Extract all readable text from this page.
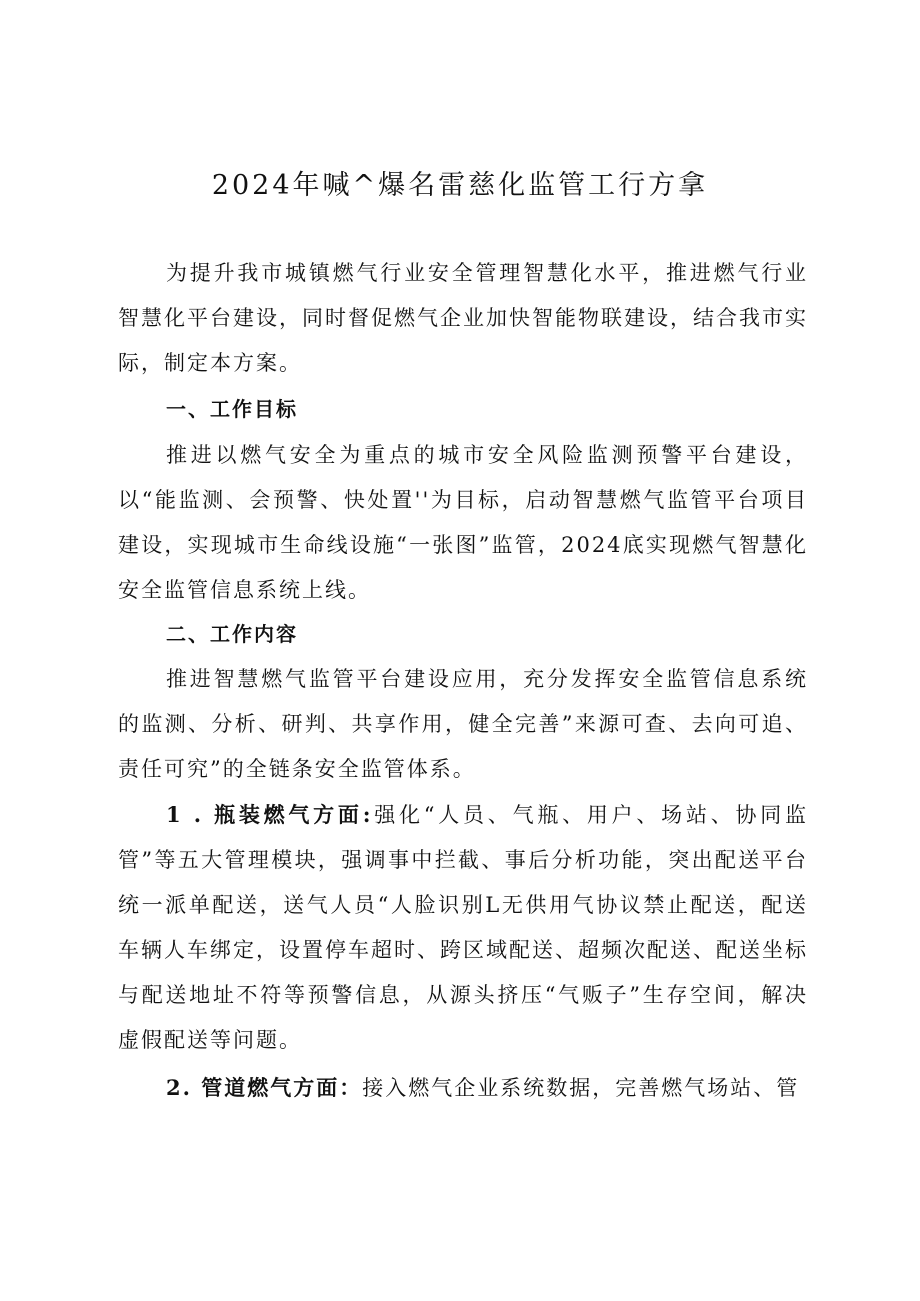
2024年喊^爆名雷慈化监管工行方拿
为提升我市城镇燃气行业安全管理智慧化水平，推进燃气行业智慧化平台建设，同时督促燃气企业加快智能物联建设，结合我市实际，制定本方案。
一、工作目标
推进以燃气安全为重点的城市安全风险监测预警平台建设，以“能监测、会预警、快处置''为目标，启动智慧燃气监管平台项目建设，实现城市生命线设施“一张图”监管，2024底实现燃气智慧化安全监管信息系统上线。
二、工作内容
推进智慧燃气监管平台建设应用，充分发挥安全监管信息系统的监测、分析、研判、共享作用，健全完善”来源可查、去向可追、责任可究”的全链条安全监管体系。
1 . 瓶装燃气方面:强化“人员、气瓶、用户、场站、协同监管”等五大管理模块，强调事中拦截、事后分析功能，突出配送平台统一派单配送，送气人员“人脸识别L无供用气协议禁止配送，配送车辆人车绑定，设置停车超时、跨区域配送、超频次配送、配送坐标与配送地址不符等预警信息，从源头挤压“气贩子”生存空间，解决虚假配送等问题。
2. 管道燃气方面：接入燃气企业系统数据，完善燃气场站、管
